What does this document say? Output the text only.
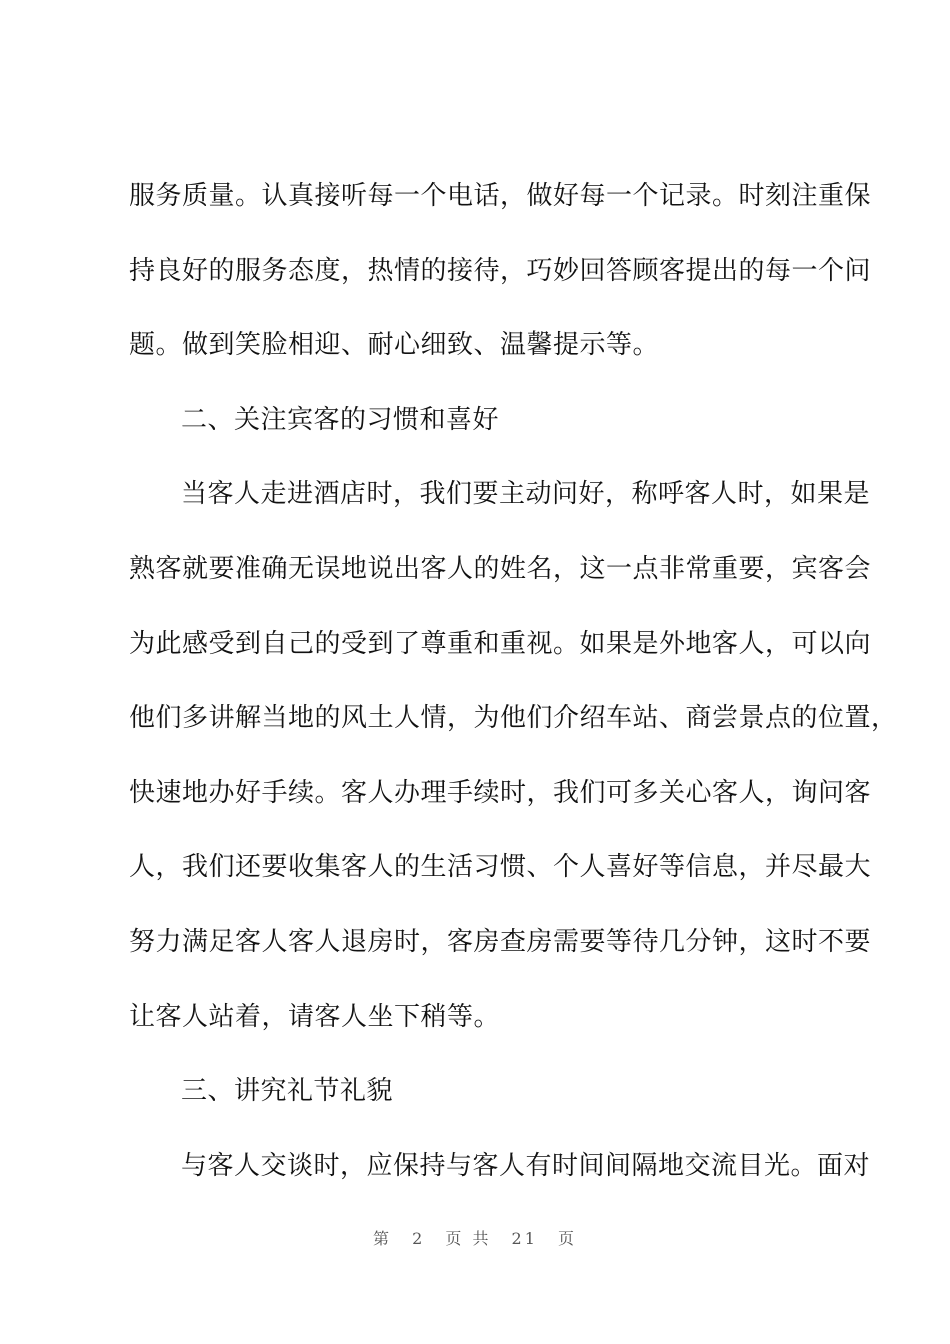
服务质量。认真接听每一个电话，做好每一个记录。时刻注重保
持良好的服务态度，热情的接待，巧妙回答顾客提出的每一个问
题。做到笑脸相迎、耐心细致、温馨提示等。
二、关注宾客的习惯和喜好
当客人走进酒店时，我们要主动问好，称呼客人时，如果是
熟客就要准确无误地说出客人的姓名，这一点非常重要，宾客会
为此感受到自己的受到了尊重和重视。如果是外地客人，可以向
他们多讲解当地的风土人情，为他们介绍车站、商尝景点的位置，
快速地办好手续。客人办理手续时，我们可多关心客人，询问客
人，我们还要收集客人的生活习惯、个人喜好等信息，并尽最大
努力满足客人客人退房时，客房查房需要等待几分钟，这时不要
让客人站着，请客人坐下稍等。
三、讲究礼节礼貌
与客人交谈时，应保持与客人有时间间隔地交流目光。面对
第 2 页 共 21 页
